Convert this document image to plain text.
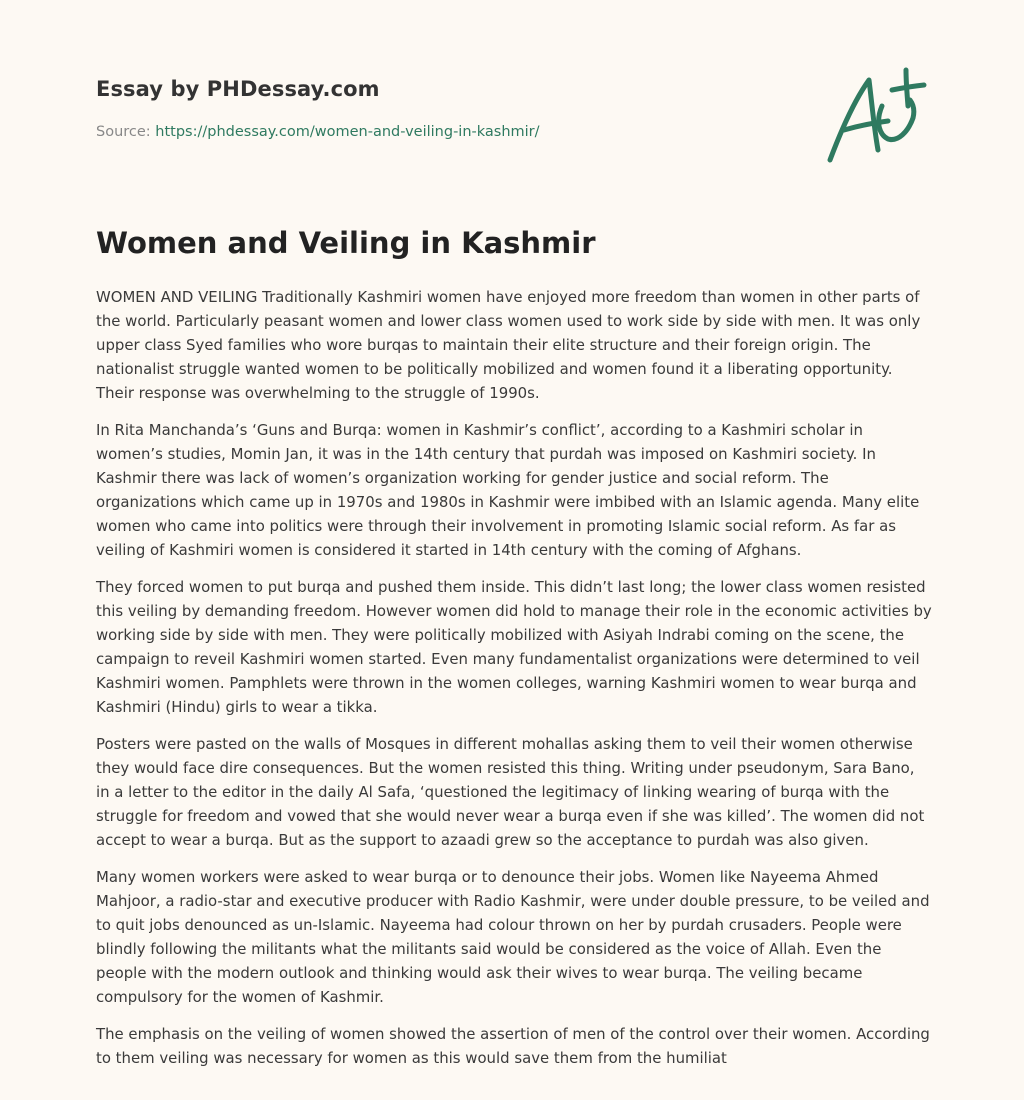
Essay by PHDessay.com
Source: https://phdessay.com/women-and-veiling-in-kashmir/
Women and Veiling in Kashmir

WOMEN AND VEILING Traditionally Kashmiri women have enjoyed more freedom than women in other parts of the world. Particularly peasant women and lower class women used to work side by side with men. It was only upper class Syed families who wore burqas to maintain their elite structure and their foreign origin. The nationalist struggle wanted women to be politically mobilized and women found it a liberating opportunity. Their response was overwhelming to the struggle of 1990s.

In Rita Manchanda’s ‘Guns and Burqa: women in Kashmir’s conflict’, according to a Kashmiri scholar in women’s studies, Momin Jan, it was in the 14th century that purdah was imposed on Kashmiri society. In Kashmir there was lack of women’s organization working for gender justice and social reform. The organizations which came up in 1970s and 1980s in Kashmir were imbibed with an Islamic agenda. Many elite women who came into politics were through their involvement in promoting Islamic social reform. As far as veiling of Kashmiri women is considered it started in 14th century with the coming of Afghans.

They forced women to put burqa and pushed them inside. This didn’t last long; the lower class women resisted this veiling by demanding freedom. However women did hold to manage their role in the economic activities by working side by side with men. They were politically mobilized with Asiyah Indrabi coming on the scene, the campaign to reveil Kashmiri women started. Even many fundamentalist organizations were determined to veil Kashmiri women. Pamphlets were thrown in the women colleges, warning Kashmiri women to wear burqa and Kashmiri (Hindu) girls to wear a tikka.

Posters were pasted on the walls of Mosques in different mohallas asking them to veil their women otherwise they would face dire consequences. But the women resisted this thing. Writing under pseudonym, Sara Bano, in a letter to the editor in the daily Al Safa, ‘questioned the legitimacy of linking wearing of burqa with the struggle for freedom and vowed that she would never wear a burqa even if she was killed’. The women did not accept to wear a burqa. But as the support to azaadi grew so the acceptance to purdah was also given.

Many women workers were asked to wear burqa or to denounce their jobs. Women like Nayeema Ahmed Mahjoor, a radio-star and executive producer with Radio Kashmir, were under double pressure, to be veiled and to quit jobs denounced as un-Islamic. Nayeema had colour thrown on her by purdah crusaders. People were blindly following the militants what the militants said would be considered as the voice of Allah. Even the people with the modern outlook and thinking would ask their wives to wear burqa. The veiling became compulsory for the women of Kashmir.

The emphasis on the veiling of women showed the assertion of men of the control over their women. According to them veiling was necessary for women as this would save them from the humiliat
